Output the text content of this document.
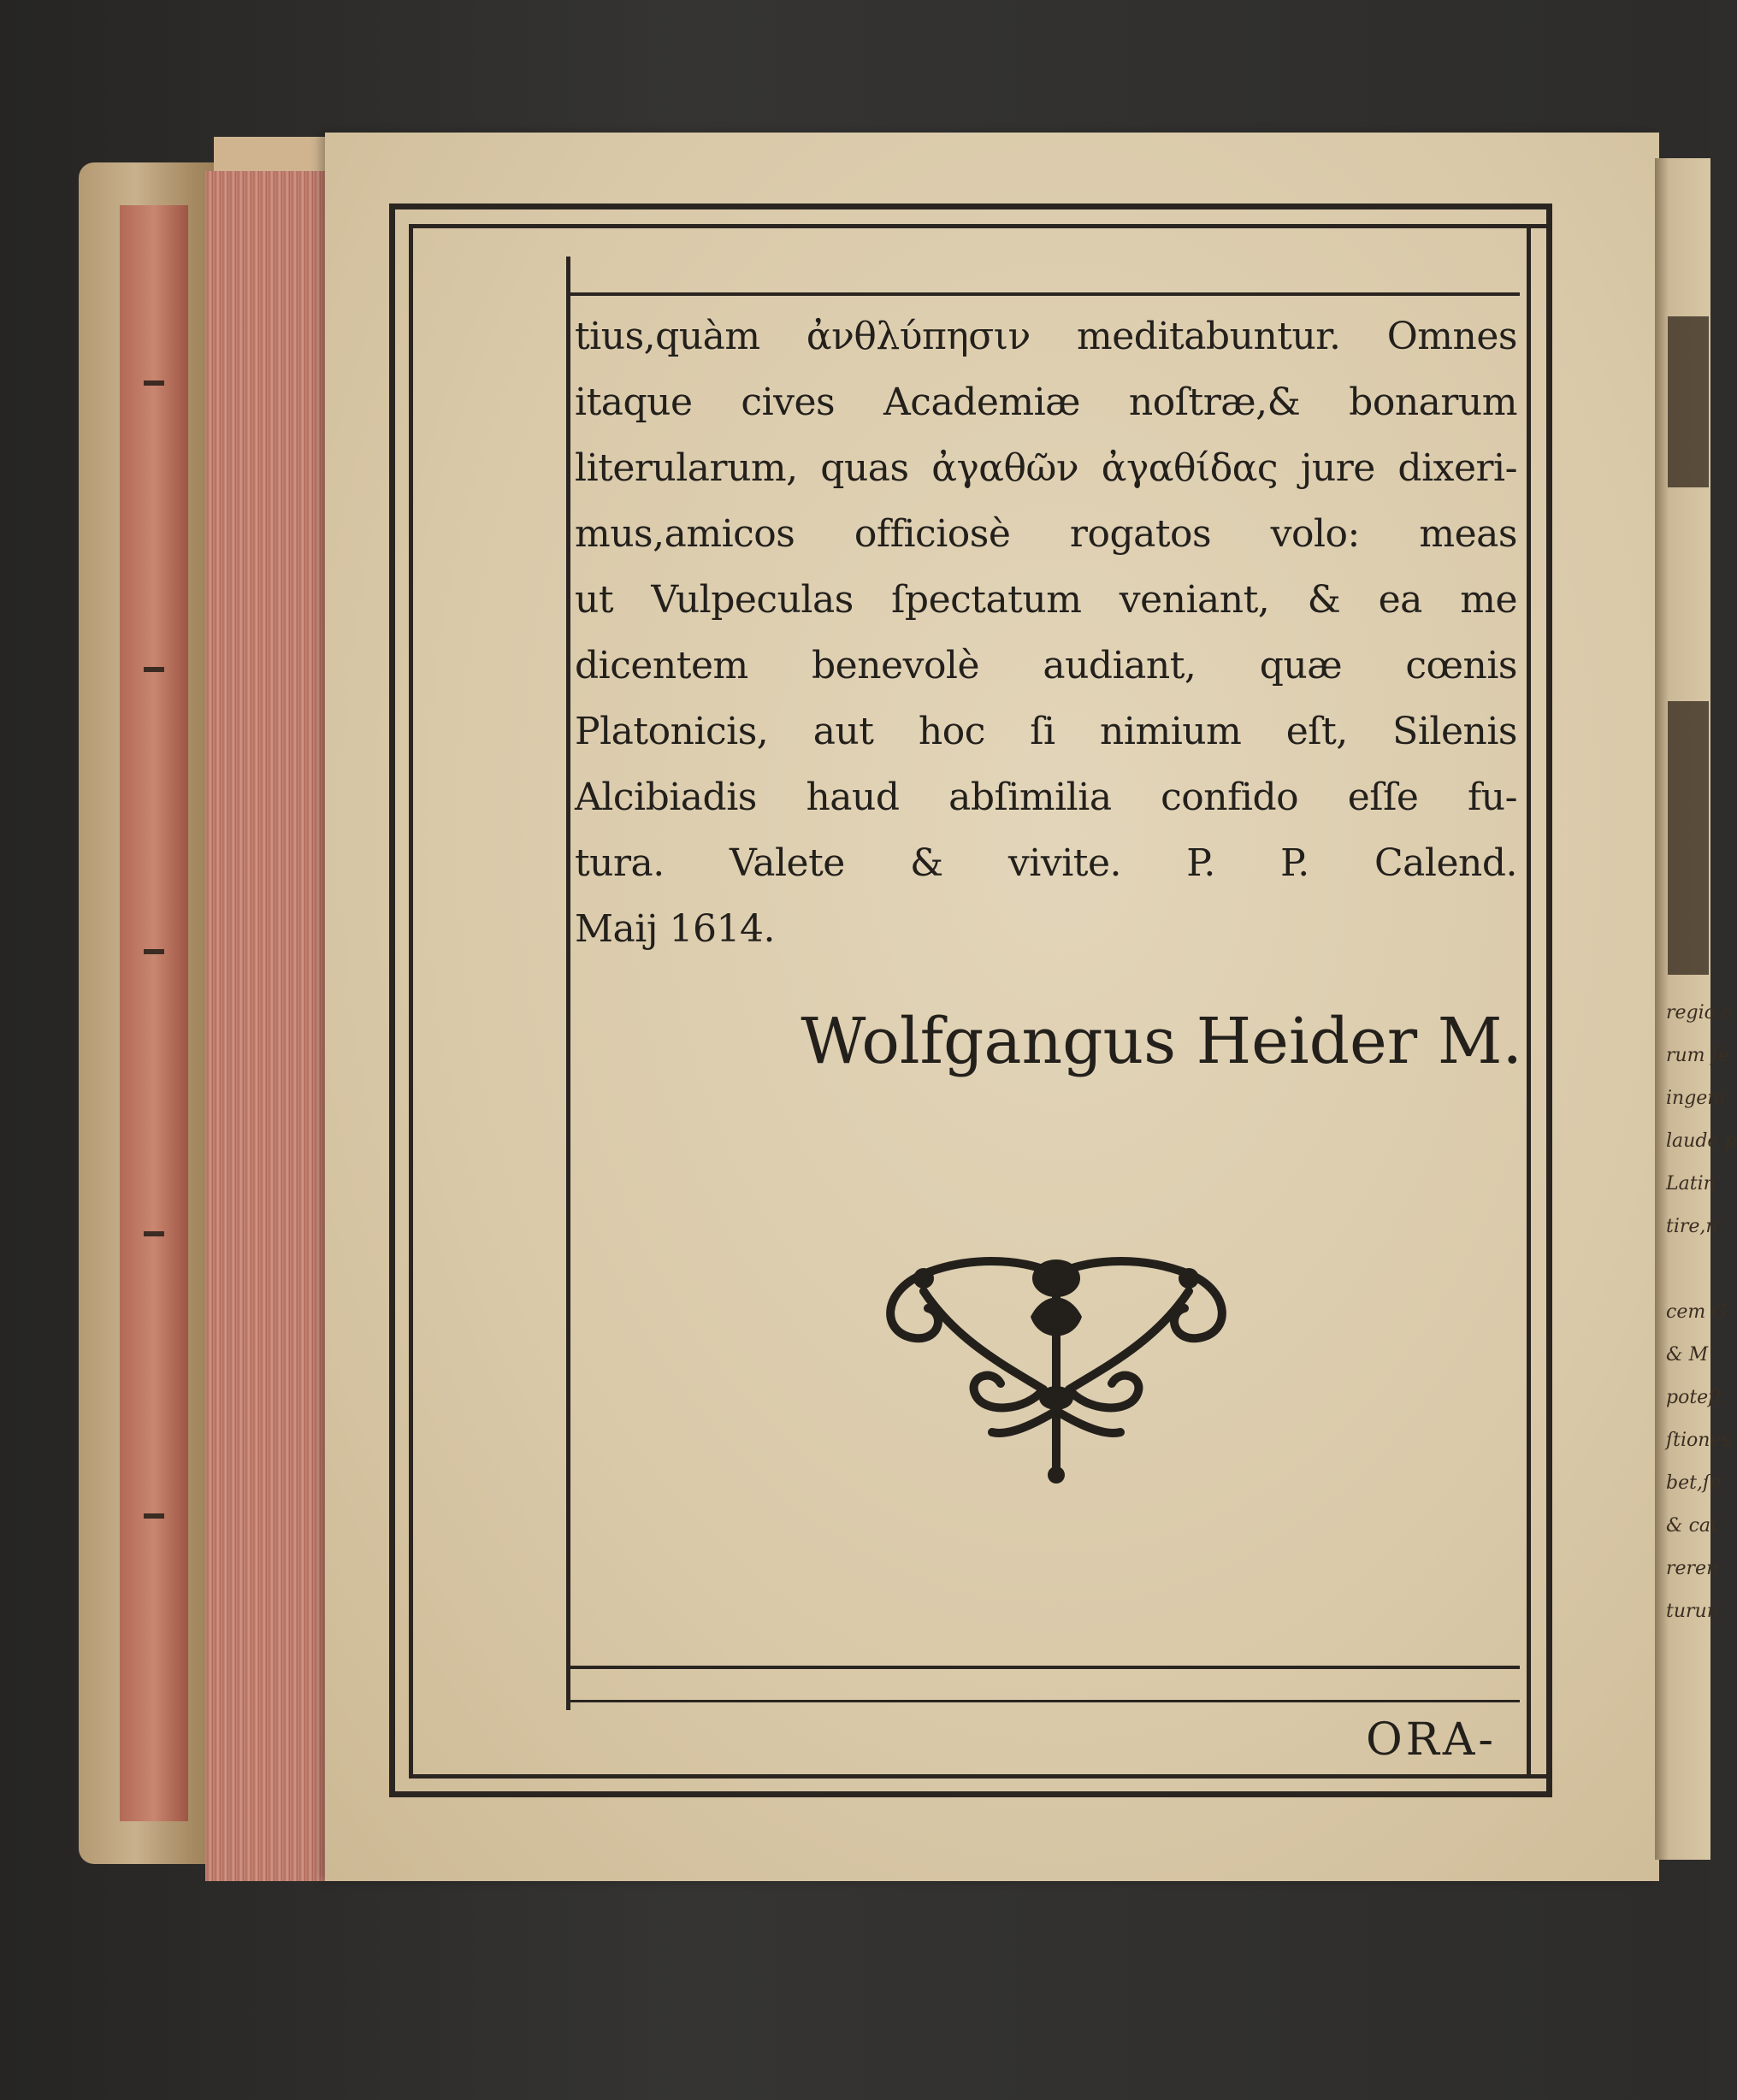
regio c
rum fe
ingeni
laude p
Latin
tire,n

cem G
& M
poteſt
ſtiones
bet,ſe
& cat
reren
turun
tius,quàm ἀνθλύπησιν meditabuntur. Omnes
itaque cives Academiæ noſtræ,& bonarum
literularum, quas ἀγαθῶν ἀγαθίδας jure dixeri-
mus,amicos officiosè rogatos volo: meas
ut Vulpeculas ſpectatum veniant, & ea me
dicentem benevolè audiant, quæ cœnis
Platonicis, aut hoc ſi nimium eſt, Silenis
Alcibiadis haud abſimilia confido eſſe fu-
tura. Valete & vivite. P. P. Calend.
Maij 1614.
Wolfgangus Heider M.
ORA-
